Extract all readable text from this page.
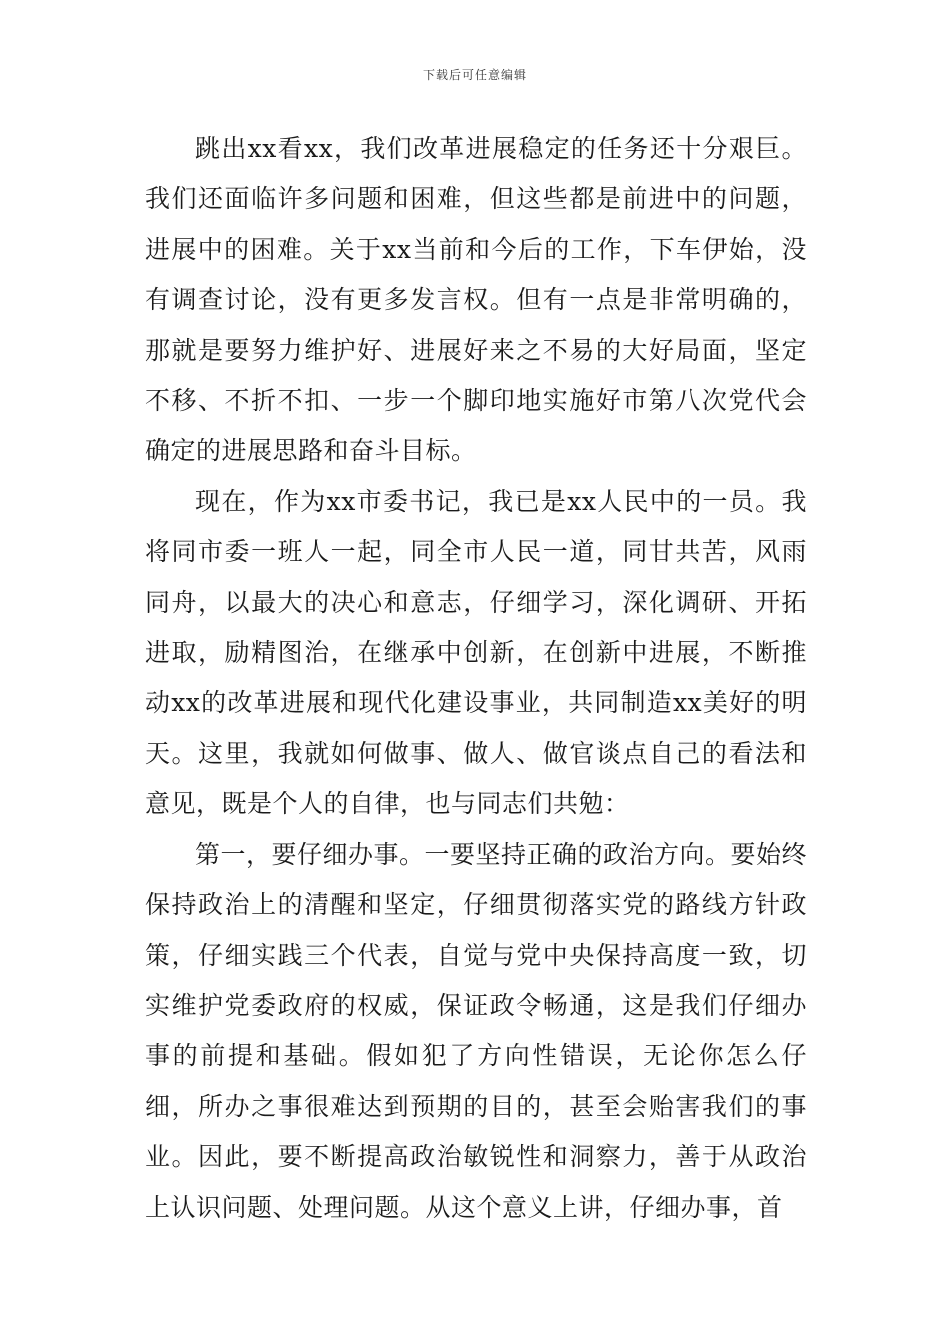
下载后可任意编辑

跳出xx看xx，我们改革进展稳定的任务还十分艰巨。我们还面临许多问题和困难，但这些都是前进中的问题，进展中的困难。关于xx当前和今后的工作，下车伊始，没有调查讨论，没有更多发言权。但有一点是非常明确的，那就是要努力维护好、进展好来之不易的大好局面，坚定不移、不折不扣、一步一个脚印地实施好市第八次党代会确定的进展思路和奋斗目标。

现在，作为xx市委书记，我已是xx人民中的一员。我将同市委一班人一起，同全市人民一道，同甘共苦，风雨同舟，以最大的决心和意志，仔细学习，深化调研、开拓进取，励精图治，在继承中创新，在创新中进展，不断推动xx的改革进展和现代化建设事业，共同制造xx美好的明天。这里，我就如何做事、做人、做官谈点自己的看法和意见，既是个人的自律，也与同志们共勉：

第一，要仔细办事。一要坚持正确的政治方向。要始终保持政治上的清醒和坚定，仔细贯彻落实党的路线方针政策，仔细实践三个代表，自觉与党中央保持高度一致，切实维护党委政府的权威，保证政令畅通，这是我们仔细办事的前提和基础。假如犯了方向性错误，无论你怎么仔细，所办之事很难达到预期的目的，甚至会贻害我们的事业。因此，要不断提高政治敏锐性和洞察力，善于从政治上认识问题、处理问题。从这个意义上讲，仔细办事，首
